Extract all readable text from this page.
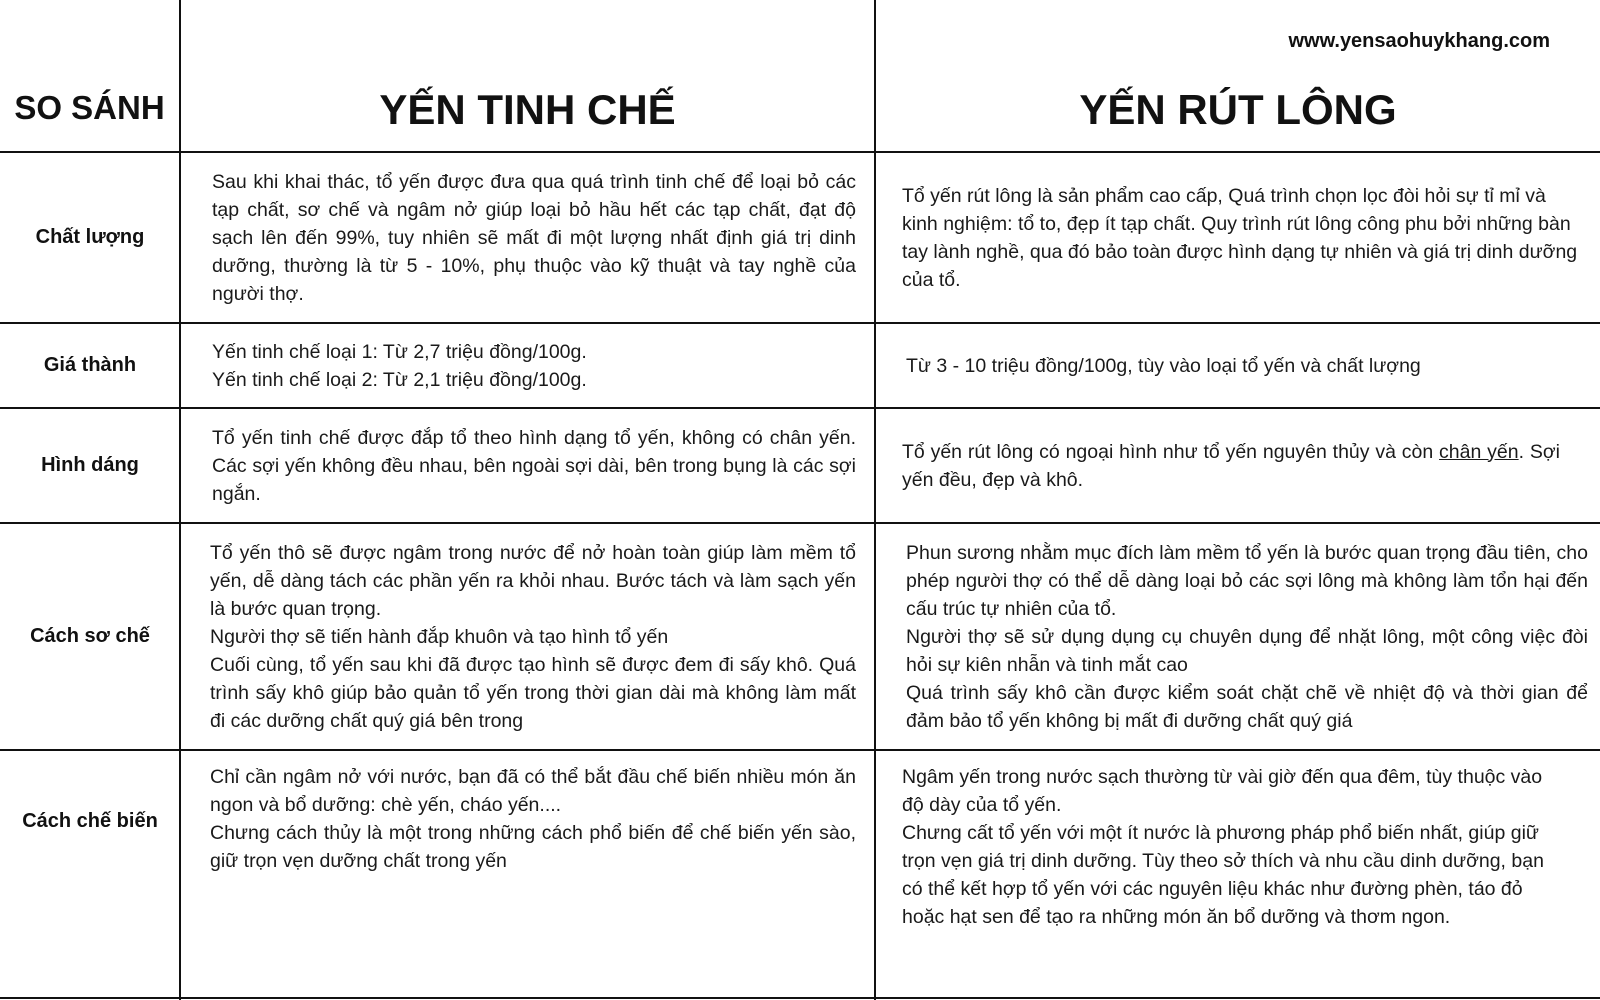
www.yensaohuykhang.com
SO SÁNH	YẾN TINH CHẾ	YẾN RÚT LÔNG
Chất lượng

Sau khi khai thác, tổ yến được đưa qua quá trình tinh chế để loại bỏ các tạp chất, sơ chế và ngâm nở giúp loại bỏ hầu hết các tạp chất, đạt độ sạch lên đến 99%, tuy nhiên sẽ mất đi một lượng nhất định giá trị dinh dưỡng, thường là từ 5 - 10%, phụ thuộc vào kỹ thuật và tay nghề của người thợ.

Tổ yến rút lông là sản phẩm cao cấp, Quá trình chọn lọc đòi hỏi sự tỉ mỉ và kinh nghiệm: tổ to, đẹp ít tạp chất. Quy trình rút lông công phu bởi những bàn tay lành nghề, qua đó bảo toàn được hình dạng tự nhiên và giá trị dinh dưỡng của tổ.

Giá thành

Yến tinh chế loại 1: Từ 2,7 triệu đồng/100g.

Yến tinh chế loại 2: Từ 2,1 triệu đồng/100g.

Từ 3 - 10 triệu đồng/100g, tùy vào loại tổ yến và chất lượng

Hình dáng

Tổ yến tinh chế được đắp tổ theo hình dạng tổ yến, không có chân yến. Các sợi yến không đều nhau, bên ngoài sợi dài, bên trong bụng là các sợi ngắn.

Tổ yến rút lông có ngoại hình như tổ yến nguyên thủy và còn chân yến. Sợi yến đều, đẹp và khô.

Cách sơ chế

Tổ yến thô sẽ được ngâm trong nước để nở hoàn toàn giúp làm mềm tổ yến, dễ dàng tách các phần yến ra khỏi nhau. Bước tách và làm sạch yến là bước quan trọng.

Người thợ sẽ tiến hành đắp khuôn và tạo hình tổ yến

Cuối cùng, tổ yến sau khi đã được tạo hình sẽ được đem đi sấy khô. Quá trình sấy khô giúp bảo quản tổ yến trong thời gian dài mà không làm mất đi các dưỡng chất quý giá bên trong

Phun sương nhằm mục đích làm mềm tổ yến là bước quan trọng đầu tiên, cho phép người thợ có thể dễ dàng loại bỏ các sợi lông mà không làm tổn hại đến cấu trúc tự nhiên của tổ.

Người thợ sẽ sử dụng dụng cụ chuyên dụng để nhặt lông, một công việc đòi hỏi sự kiên nhẫn và tinh mắt cao

Quá trình sấy khô cần được kiểm soát chặt chẽ về nhiệt độ và thời gian để đảm bảo tổ yến không bị mất đi dưỡng chất quý giá

Cách chế biến

Chỉ cần ngâm nở với nước, bạn đã có thể bắt đầu chế biến nhiều món ăn ngon và bổ dưỡng: chè yến, cháo yến....

Chưng cách thủy là một trong những cách phổ biến để chế biến yến sào, giữ trọn vẹn dưỡng chất trong yến

Ngâm yến trong nước sạch thường từ vài giờ đến qua đêm, tùy thuộc vào độ dày của tổ yến.

Chưng cất tổ yến với một ít nước là phương pháp phổ biến nhất, giúp giữ trọn vẹn giá trị dinh dưỡng. Tùy theo sở thích và nhu cầu dinh dưỡng, bạn có thể kết hợp tổ yến với các nguyên liệu khác như đường phèn, táo đỏ hoặc hạt sen để tạo ra những món ăn bổ dưỡng và thơm ngon.
